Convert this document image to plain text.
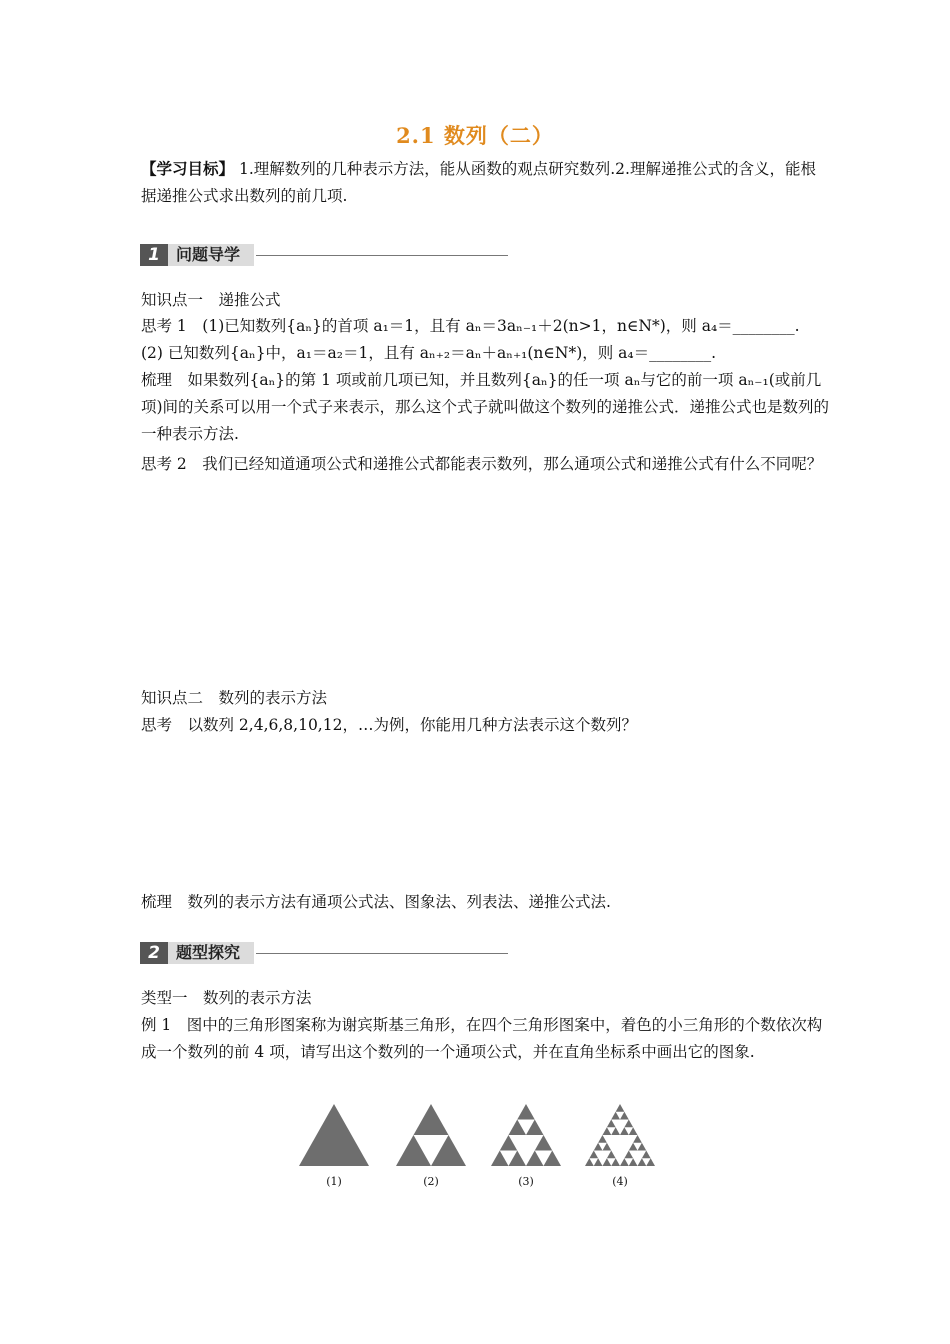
2.1 数列（二）
【学习目标】 1.理解数列的几种表示方法，能从函数的观点研究数列.2.理解递推公式的含义，能根据递推公式求出数列的前几项.
1	问题导学
知识点一　递推公式
思考 1　(1)已知数列{aₙ}的首项 a₁＝1，且有 aₙ＝3aₙ₋₁＋2(n>1，n∈N*)，则 a₄＝________.
(2) 已知数列{aₙ}中，a₁＝a₂＝1，且有 aₙ₊₂＝aₙ＋aₙ₊₁(n∈N*)，则 a₄＝________.
梳理　如果数列{aₙ}的第 1 项或前几项已知，并且数列{aₙ}的任一项 aₙ与它的前一项 aₙ₋₁(或前几项)间的关系可以用一个式子来表示，那么这个式子就叫做这个数列的递推公式．递推公式也是数列的一种表示方法.
思考 2　我们已经知道通项公式和递推公式都能表示数列，那么通项公式和递推公式有什么不同呢？
知识点二　数列的表示方法
思考　以数列 2,4,6,8,10,12，…为例，你能用几种方法表示这个数列？
梳理　数列的表示方法有通项公式法、图象法、列表法、递推公式法.
2	题型探究
类型一　数列的表示方法
例 1　图中的三角形图案称为谢宾斯基三角形，在四个三角形图案中，着色的小三角形的个数依次构成一个数列的前 4 项，请写出这个数列的一个通项公式，并在直角坐标系中画出它的图象.
(1)	(2)	(3)	(4)
